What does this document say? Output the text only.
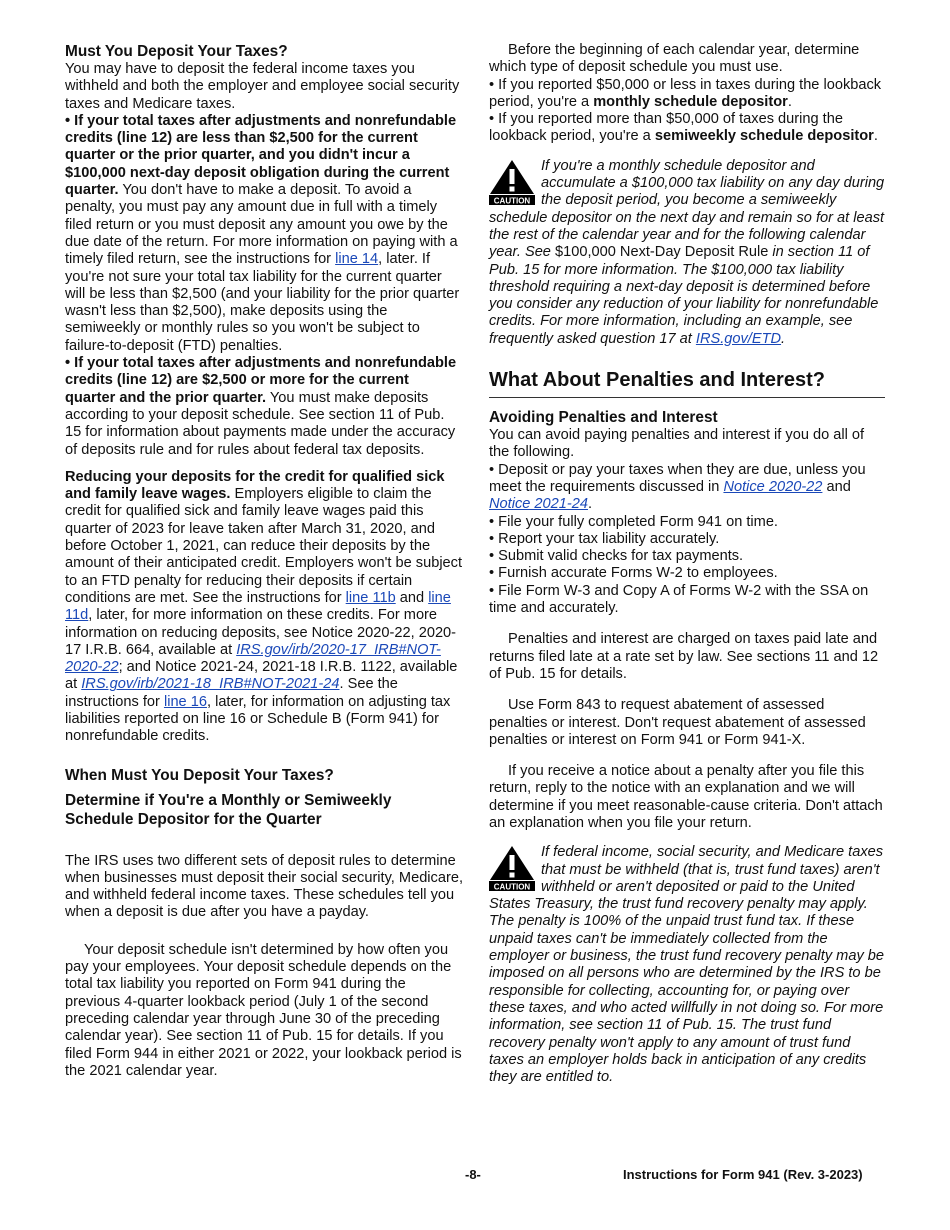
Must You Deposit Your Taxes?

You may have to deposit the federal income taxes you withheld and both the employer and employee social security taxes and Medicare taxes.

• If your total taxes after adjustments and nonrefundable credits (line 12) are less than $2,500 for the current quarter or the prior quarter, and you didn't incur a $100,000 next-day deposit obligation during the current quarter. You don't have to make a deposit. To avoid a penalty, you must pay any amount due in full with a timely filed return or you must deposit any amount you owe by the due date of the return. For more information on paying with a timely filed return, see the instructions for line 14, later. If you're not sure your total tax liability for the current quarter will be less than $2,500 (and your liability for the prior quarter wasn't less than $2,500), make deposits using the semiweekly or monthly rules so you won't be subject to failure-to-deposit (FTD) penalties.

• If your total taxes after adjustments and nonrefundable credits (line 12) are $2,500 or more for the current quarter and the prior quarter. You must make deposits according to your deposit schedule. See section 11 of Pub. 15 for information about payments made under the accuracy of deposits rule and for rules about federal tax deposits.

Reducing your deposits for the credit for qualified sick and family leave wages. Employers eligible to claim the credit for qualified sick and family leave wages paid this quarter of 2023 for leave taken after March 31, 2020, and before October 1, 2021, can reduce their deposits by the amount of their anticipated credit. Employers won't be subject to an FTD penalty for reducing their deposits if certain conditions are met. See the instructions for line 11b and line 11d, later, for more information on these credits. For more information on reducing deposits, see Notice 2020-22, 2020-17 I.R.B. 664, available at IRS.gov/irb/2020-17_IRB#NOT-2020-22; and Notice 2021-24, 2021-18 I.R.B. 1122, available at IRS.gov/irb/2021-18_IRB#NOT-2021-24. See the instructions for line 16, later, for information on adjusting tax liabilities reported on line 16 or Schedule B (Form 941) for nonrefundable credits.

When Must You Deposit Your Taxes?
Determine if You're a Monthly or Semiweekly Schedule Depositor for the Quarter

The IRS uses two different sets of deposit rules to determine when businesses must deposit their social security, Medicare, and withheld federal income taxes. These schedules tell you when a deposit is due after you have a payday.

Your deposit schedule isn't determined by how often you pay your employees. Your deposit schedule depends on the total tax liability you reported on Form 941 during the previous 4-quarter lookback period (July 1 of the second preceding calendar year through June 30 of the preceding calendar year). See section 11 of Pub. 15 for details. If you filed Form 944 in either 2021 or 2022, your lookback period is the 2021 calendar year.

Before the beginning of each calendar year, determine which type of deposit schedule you must use.

• If you reported $50,000 or less in taxes during the lookback period, you're a monthly schedule depositor.

• If you reported more than $50,000 of taxes during the lookback period, you're a semiweekly schedule depositor.

CAUTION
If you're a monthly schedule depositor and accumulate a $100,000 tax liability on any day during the deposit period, you become a semiweekly schedule depositor on the next day and remain so for at least the rest of the calendar year and for the following calendar year. See $100,000 Next-Day Deposit Rule in section 11 of Pub. 15 for more information. The $100,000 tax liability threshold requiring a next-day deposit is determined before you consider any reduction of your liability for nonrefundable credits. For more information, including an example, see frequently asked question 17 at IRS.gov/ETD.
What About Penalties and Interest?
Avoiding Penalties and Interest

You can avoid paying penalties and interest if you do all of the following.

• Deposit or pay your taxes when they are due, unless you meet the requirements discussed in Notice 2020-22 and Notice 2021-24.

• File your fully completed Form 941 on time.

• Report your tax liability accurately.

• Submit valid checks for tax payments.

• Furnish accurate Forms W-2 to employees.

• File Form W-3 and Copy A of Forms W-2 with the SSA on time and accurately.

Penalties and interest are charged on taxes paid late and returns filed late at a rate set by law. See sections 11 and 12 of Pub. 15 for details.

Use Form 843 to request abatement of assessed penalties or interest. Don't request abatement of assessed penalties or interest on Form 941 or Form 941-X.

If you receive a notice about a penalty after you file this return, reply to the notice with an explanation and we will determine if you meet reasonable-cause criteria. Don't attach an explanation when you file your return.

CAUTION
If federal income, social security, and Medicare taxes that must be withheld (that is, trust fund taxes) aren't withheld or aren't deposited or paid to the United States Treasury, the trust fund recovery penalty may apply. The penalty is 100% of the unpaid trust fund tax. If these unpaid taxes can't be immediately collected from the employer or business, the trust fund recovery penalty may be imposed on all persons who are determined by the IRS to be responsible for collecting, accounting for, or paying over these taxes, and who acted willfully in not doing so. For more information, see section 11 of Pub. 15. The trust fund recovery penalty won't apply to any amount of trust fund taxes an employer holds back in anticipation of any credits they are entitled to.
-8-	Instructions for Form 941 (Rev. 3-2023)
